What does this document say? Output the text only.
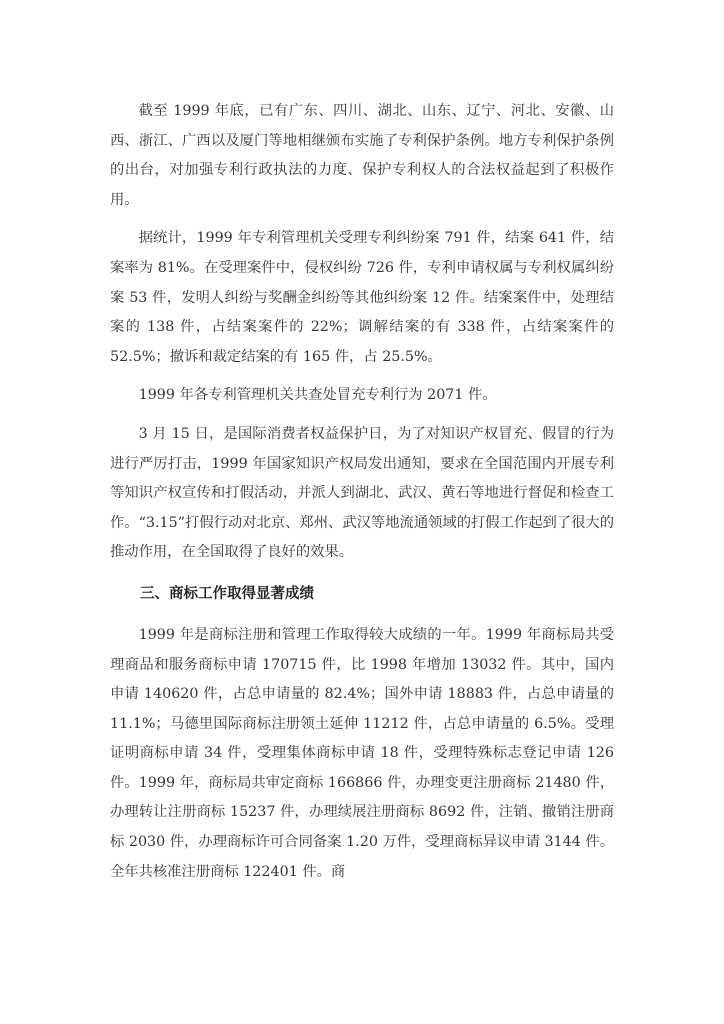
截至 1999 年底，已有广东、四川、湖北、山东、辽宁、河北、安徽、山西、浙江、广西以及厦门等地相继颁布实施了专利保护条例。地方专利保护条例的出台，对加强专利行政执法的力度、保护专利权人的合法权益起到了积极作用。

据统计，1999 年专利管理机关受理专利纠纷案 791 件，结案 641 件，结案率为 81%。在受理案件中，侵权纠纷 726 件，专利申请权属与专利权属纠纷案 53 件，发明人纠纷与奖酬金纠纷等其他纠纷案 12 件。结案案件中，处理结案的 138 件，占结案案件的 22%；调解结案的有 338 件，占结案案件的 52.5%；撤诉和裁定结案的有 165 件，占 25.5%。

1999 年各专利管理机关共查处冒充专利行为 2071 件。

3 月 15 日，是国际消费者权益保护日，为了对知识产权冒充、假冒的行为进行严厉打击，1999 年国家知识产权局发出通知，要求在全国范围内开展专利等知识产权宣传和打假活动，并派人到湖北、武汉、黄石等地进行督促和检查工作。“3.15”打假行动对北京、郑州、武汉等地流通领域的打假工作起到了很大的推动作用，在全国取得了良好的效果。

三、商标工作取得显著成绩

1999 年是商标注册和管理工作取得较大成绩的一年。1999 年商标局共受理商品和服务商标申请 170715 件，比 1998 年增加 13032 件。其中，国内申请 140620 件，占总申请量的 82.4%；国外申请 18883 件，占总申请量的 11.1%；马德里国际商标注册领土延伸 11212 件，占总申请量的 6.5%。受理证明商标申请 34 件，受理集体商标申请 18 件，受理特殊标志登记申请 126 件。1999 年，商标局共审定商标 166866 件，办理变更注册商标 21480 件，办理转让注册商标 15237 件，办理续展注册商标 8692 件，注销、撤销注册商标 2030 件，办理商标许可合同备案 1.20 万件，受理商标异议申请 3144 件。全年共核准注册商标 122401 件。商
